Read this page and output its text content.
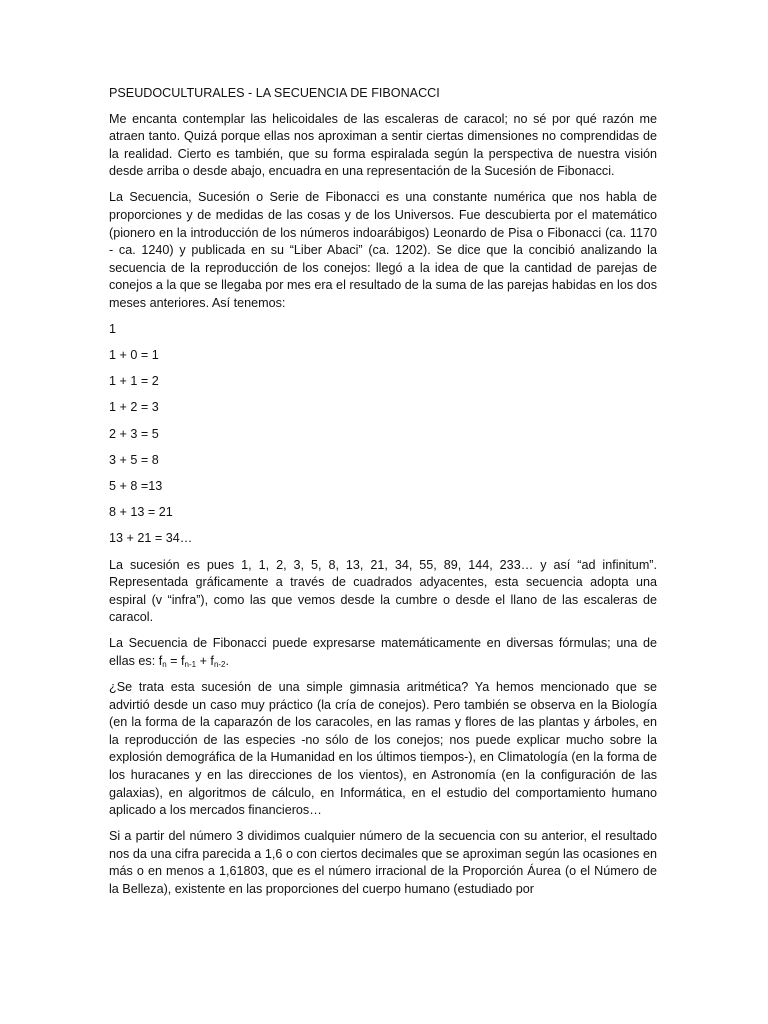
PSEUDOCULTURALES - LA SECUENCIA DE FIBONACCI

Me encanta contemplar las helicoidales de las escaleras de caracol; no sé por qué razón me atraen tanto. Quizá porque ellas nos aproximan a sentir ciertas dimensiones no comprendidas de la realidad. Cierto es también, que su forma espiralada según la perspectiva de nuestra visión desde arriba o desde abajo, encuadra en una representación de la Sucesión de Fibonacci.

La Secuencia, Sucesión o Serie de Fibonacci es una constante numérica que nos habla de proporciones y de medidas de las cosas y de los Universos. Fue descubierta por el matemático (pionero en la introducción de los números indoarábigos) Leonardo de Pisa o Fibonacci (ca. 1170 - ca. 1240) y publicada en su “Liber Abaci” (ca. 1202). Se dice que la concibió analizando la secuencia de la reproducción de los conejos: llegó a la idea de que la cantidad de parejas de conejos a la que se llegaba por mes era el resultado de la suma de las parejas habidas en los dos meses anteriores. Así tenemos:

1

1 + 0 = 1

1 + 1 = 2

1 + 2 = 3

2 + 3 = 5

3 + 5 = 8

5 + 8 =13

8 + 13 = 21

13 + 21 = 34…

La sucesión es pues 1, 1, 2, 3, 5, 8, 13, 21, 34, 55, 89, 144, 233… y así “ad infinitum”. Representada gráficamente a través de cuadrados adyacentes, esta secuencia adopta una espiral (v “infra”), como las que vemos desde la cumbre o desde el llano de las escaleras de caracol.

La Secuencia de Fibonacci puede expresarse matemáticamente en diversas fórmulas; una de ellas es: $f_n = f_{n-1} + f_{n-2}$.

¿Se trata esta sucesión de una simple gimnasia aritmética? Ya hemos mencionado que se advirtió desde un caso muy práctico (la cría de conejos). Pero también se observa en la Biología (en la forma de la caparazón de los caracoles, en las ramas y flores de las plantas y árboles, en la reproducción de las especies -no sólo de los conejos; nos puede explicar mucho sobre la explosión demográfica de la Humanidad en los últimos tiempos-), en Climatología (en la forma de los huracanes y en las direcciones de los vientos), en Astronomía (en la configuración de las galaxias), en algoritmos de cálculo, en Informática, en el estudio del comportamiento humano aplicado a los mercados financieros…

Si a partir del número 3 dividimos cualquier número de la secuencia con su anterior, el resultado nos da una cifra parecida a 1,6 o con ciertos decimales que se aproximan según las ocasiones en más o en menos a 1,61803, que es el número irracional de la Proporción Áurea (o el Número de la Belleza), existente en las proporciones del cuerpo humano (estudiado por
